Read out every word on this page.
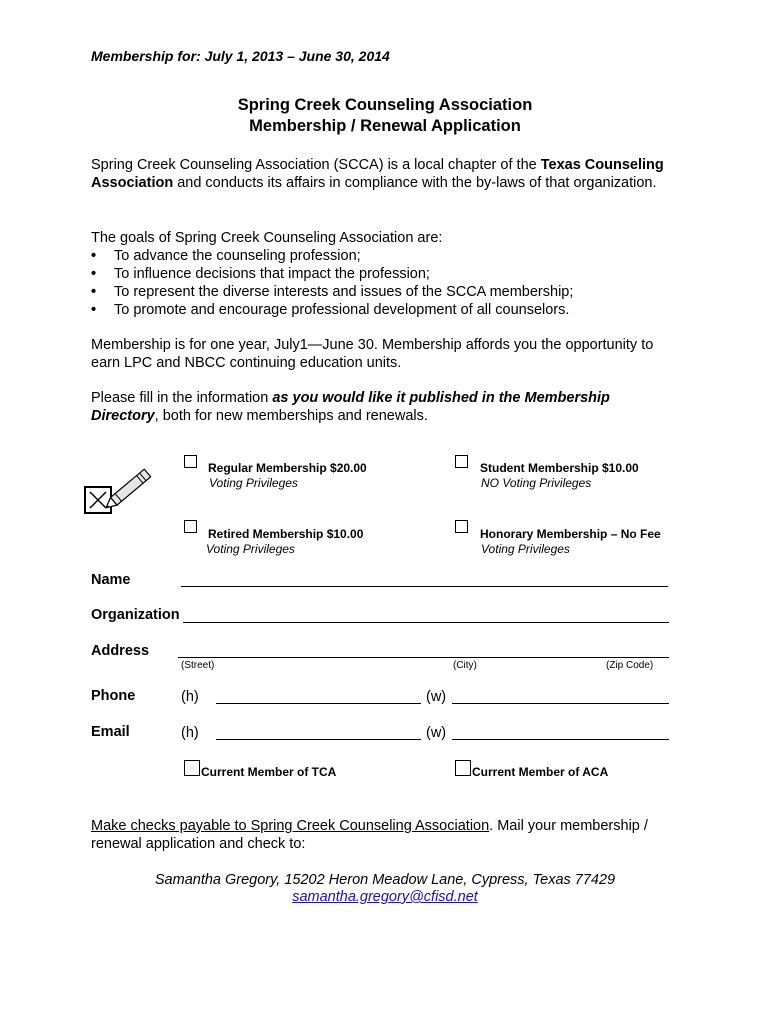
Membership for: July 1, 2013 – June 30, 2014
Spring Creek Counseling Association
Membership / Renewal Application
Spring Creek Counseling Association (SCCA) is a local chapter of the Texas Counseling Association and conducts its affairs in compliance with the by-laws of that organization.
The goals of Spring Creek Counseling Association are:
• To advance the counseling profession;
• To influence decisions that impact the profession;
• To represent the diverse interests and issues of the SCCA membership;
• To promote and encourage professional development of all counselors.
Membership is for one year, July1—June 30. Membership affords you the opportunity to earn LPC and NBCC continuing education units.
Please fill in the information as you would like it published in the Membership Directory, both for new memberships and renewals.
Regular Membership $20.00
Voting Privileges
Student Membership $10.00
NO Voting Privileges
Retired Membership $10.00
Voting Privileges
Honorary Membership – No Fee
Voting Privileges
Name
Organization
Address
(Street)	(City)	(Zip Code)
Phone	(h)	(w)
Email	(h)	(w)
Current Member of TCA	Current Member of ACA
Make checks payable to Spring Creek Counseling Association. Mail your membership / renewal application and check to:
Samantha Gregory, 15202 Heron Meadow Lane, Cypress, Texas 77429
samantha.gregory@cfisd.net
